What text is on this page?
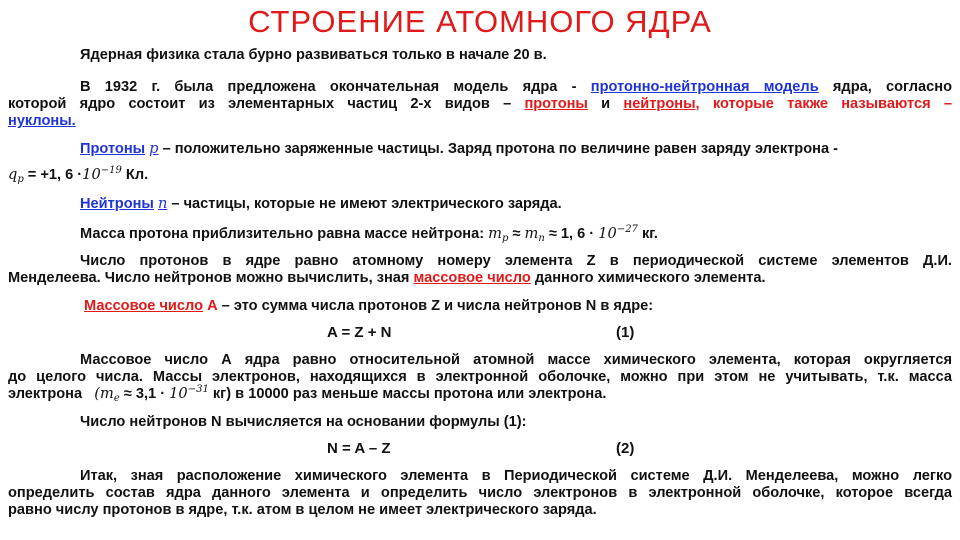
СТРОЕНИЕ АТОМНОГО ЯДРА
Ядерная физика стала бурно развиваться только в начале 20 в.
В 1932 г. была предложена окончательная модель ядра - протонно-нейтронная модель ядра, согласно
которой ядро состоит из элементарных частиц 2-х видов – протоны и нейтроны, которые также называются –
нуклоны.
Протоны p – положительно заряженные частицы. Заряд протона по величине равен заряду электрона -
$q_p = +1$, $6 \cdot 10^{-19}$ Кл.
Нейтроны n – частицы, которые не имеют электрического заряда.
Масса протона приблизительно равна массе нейтрона: $m_p \approx m_n \approx 1$, $6 \cdot 10^{-27}$ кг.
Число протонов в ядре равно атомному номеру элемента Z в периодической системе элементов Д.И.
Менделеева. Число нейтронов можно вычислить, зная массовое число данного химического элемента.
Массовое число А – это сумма числа протонов Z и числа нейтронов N в ядре:
A = Z + N	(1)
Массовое число А ядра равно относительной атомной массе химического элемента, которая округляется
до целого числа. Массы электронов, находящихся в электронной оболочке, можно при этом не учитывать, т.к. масса
электрона ($m_e \approx 3,1 \cdot 10^{-31}$ кг) в 10000 раз меньше массы протона или электрона.
Число нейтронов N вычисляется на основании формулы (1):
N = A – Z	(2)
Итак, зная расположение химического элемента в Периодической системе Д.И. Менделеева, можно легко
определить состав ядра данного элемента и определить число электронов в электронной оболочке, которое всегда
равно числу протонов в ядре, т.к. атом в целом не имеет электрического заряда.
